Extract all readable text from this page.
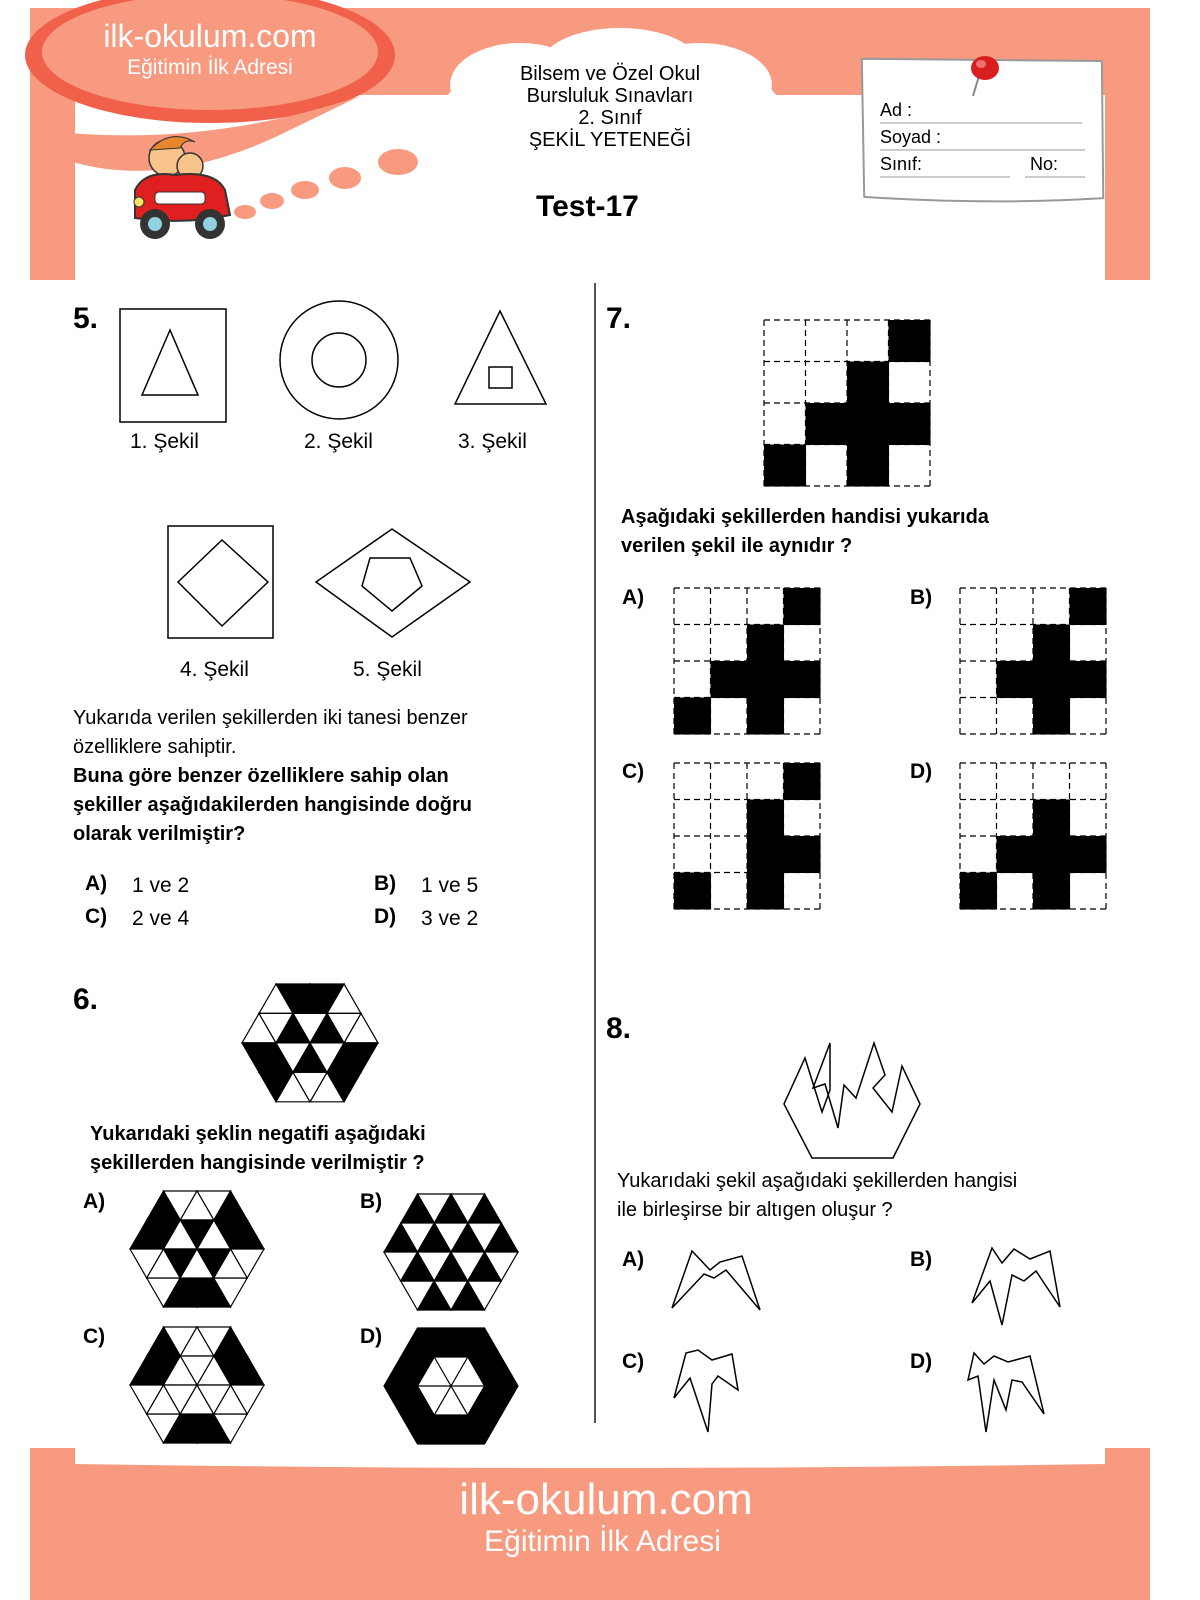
ilk-okulum.com
Eğitimin İlk Adresi	Bilsem ve Özel Okul
Bursluluk Sınavları
2. Sınıf
ŞEKİL YETENEĞİ
Test-17
Ad :
Soyad :
Sınıf:	No:
5.
1. Şekil	2. Şekil	3. Şekil
4. Şekil	5. Şekil
Yukarıda verilen şekillerden iki tanesi benzer
özelliklere sahiptir.
Buna göre benzer özelliklere sahip olan
şekiller aşağıdakilerden hangisinde doğru
olarak verilmiştir?
A) 1 ve 2	B) 1 ve 5
C) 2 ve 4	D) 3 ve 2
6.
Yukarıdaki şeklin negatifi aşağıdaki
şekillerden hangisinde verilmiştir ?
A)	B)
C)	D)
7.
Aşağıdaki şekillerden handisi yukarıda
verilen şekil ile aynıdır ?
A)	B)
C)	D)
8.
Yukarıdaki şekil aşağıdaki şekillerden hangisi
ile birleşirse bir altıgen oluşur ?
A)	B)
C)	D)
ilk-okulum.com
Eğitimin İlk Adresi
